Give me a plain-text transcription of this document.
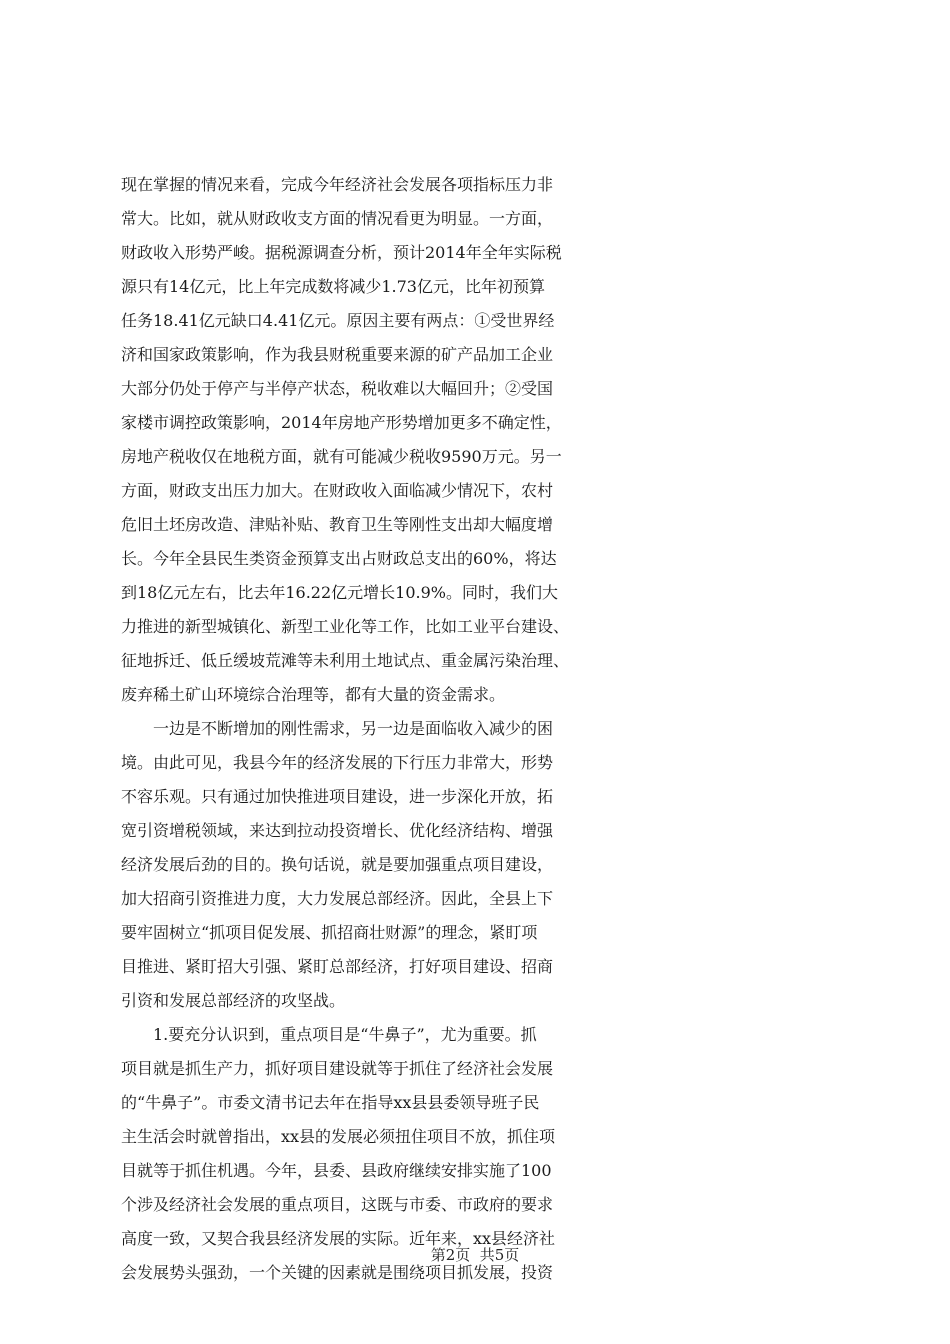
现在掌握的情况来看，完成今年经济社会发展各项指标压力非
常大。比如，就从财政收支方面的情况看更为明显。一方面，
财政收入形势严峻。据税源调查分析，预计2014年全年实际税
源只有14亿元，比上年完成数将减少1.73亿元，比年初预算
任务18.41亿元缺口4.41亿元。原因主要有两点：①受世界经
济和国家政策影响，作为我县财税重要来源的矿产品加工企业
大部分仍处于停产与半停产状态，税收难以大幅回升；②受国
家楼市调控政策影响，2014年房地产形势增加更多不确定性，
房地产税收仅在地税方面，就有可能减少税收9590万元。另一
方面，财政支出压力加大。在财政收入面临减少情况下，农村
危旧土坯房改造、津贴补贴、教育卫生等刚性支出却大幅度增
长。今年全县民生类资金预算支出占财政总支出的60%，将达
到18亿元左右，比去年16.22亿元增长10.9%。同时，我们大
力推进的新型城镇化、新型工业化等工作，比如工业平台建设、
征地拆迁、低丘缓坡荒滩等未利用土地试点、重金属污染治理、
废弃稀土矿山环境综合治理等，都有大量的资金需求。
　　一边是不断增加的刚性需求，另一边是面临收入减少的困
境。由此可见，我县今年的经济发展的下行压力非常大，形势
不容乐观。只有通过加快推进项目建设，进一步深化开放，拓
宽引资增税领域，来达到拉动投资增长、优化经济结构、增强
经济发展后劲的目的。换句话说，就是要加强重点项目建设，
加大招商引资推进力度，大力发展总部经济。因此，全县上下
要牢固树立“抓项目促发展、抓招商壮财源”的理念，紧盯项
目推进、紧盯招大引强、紧盯总部经济，打好项目建设、招商
引资和发展总部经济的攻坚战。
　　1.要充分认识到，重点项目是“牛鼻子”，尤为重要。抓
项目就是抓生产力，抓好项目建设就等于抓住了经济社会发展
的“牛鼻子”。市委文清书记去年在指导xx县县委领导班子民
主生活会时就曾指出，xx县的发展必须扭住项目不放，抓住项
目就等于抓住机遇。今年，县委、县政府继续安排实施了100
个涉及经济社会发展的重点项目，这既与市委、市政府的要求
高度一致，又契合我县经济发展的实际。近年来，xx县经济社
会发展势头强劲，一个关键的因素就是围绕项目抓发展，投资
第2页  共5页
